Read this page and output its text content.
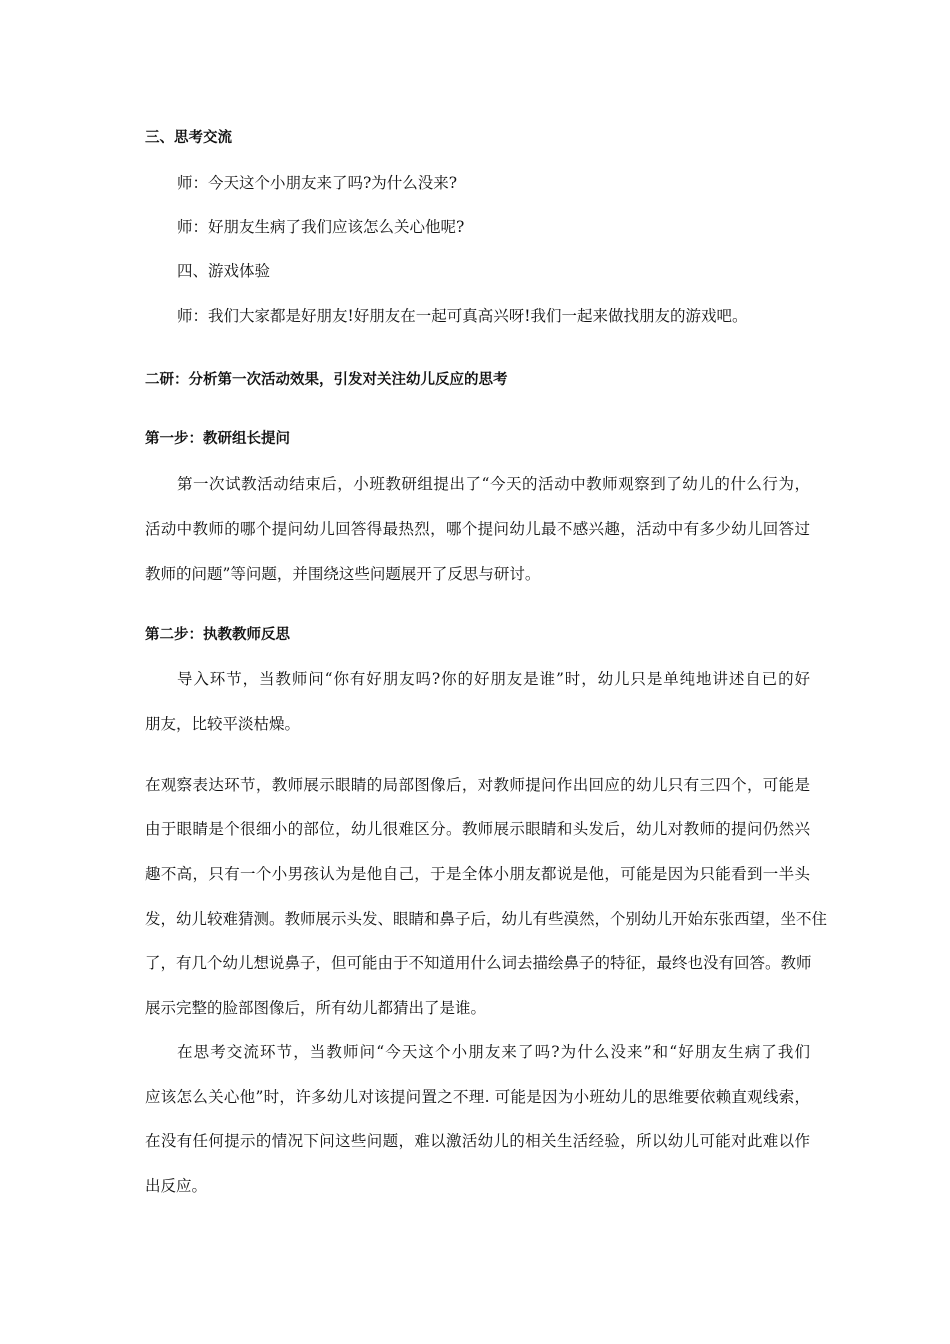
三、思考交流
师：今天这个小朋友来了吗?为什么没来?
师：好朋友生病了我们应该怎么关心他呢?
四、游戏体验
师：我们大家都是好朋友!好朋友在一起可真高兴呀!我们一起来做找朋友的游戏吧。
二研：分析第一次活动效果，引发对关注幼儿反应的思考
第一步：教研组长提问
第一次试教活动结束后，小班教研组提出了“今天的活动中教师观察到了幼儿的什么行为，
活动中教师的哪个提问幼儿回答得最热烈，哪个提问幼儿最不感兴趣，活动中有多少幼儿回答过
教师的问题”等问题，并围绕这些问题展开了反思与研讨。
第二步：执教教师反思
导入环节，当教师问“你有好朋友吗?你的好朋友是谁”时，幼儿只是单纯地讲述自已的好
朋友，比较平淡枯燥。
在观察表达环节，教师展示眼睛的局部图像后，对教师提问作出回应的幼儿只有三四个，可能是
由于眼睛是个很细小的部位，幼儿很难区分。教师展示眼睛和头发后，幼儿对教师的提问仍然兴
趣不高，只有一个小男孩认为是他自己，于是全体小朋友都说是他，可能是因为只能看到一半头
发，幼儿较难猜测。教师展示头发、眼睛和鼻子后，幼儿有些漠然，个别幼儿开始东张西望，坐不住
了，有几个幼儿想说鼻子，但可能由于不知道用什么词去描绘鼻子的特征，最终也没有回答。教师
展示完整的脸部图像后，所有幼儿都猜出了是谁。
在思考交流环节，当教师问“今天这个小朋友来了吗?为什么没来”和“好朋友生病了我们
应该怎么关心他”时，许多幼儿对该提问置之不理. 可能是因为小班幼儿的思维要依赖直观线索，
在没有任何提示的情况下问这些问题，难以激活幼儿的相关生活经验，所以幼儿可能对此难以作
出反应。
